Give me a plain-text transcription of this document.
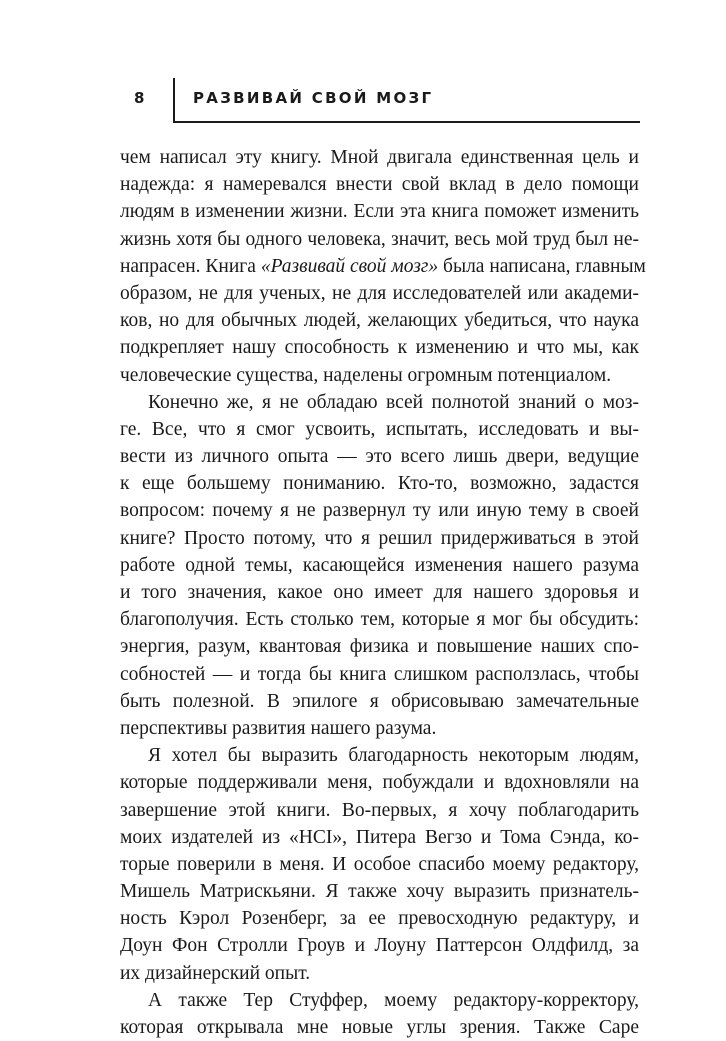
8	РАЗВИВАЙ СВОЙ МОЗГ
чем написал эту книгу. Мной двигала единственная цель и
надежда: я намеревался внести свой вклад в дело помощи
людям в изменении жизни. Если эта книга поможет изменить
жизнь хотя бы одного человека, значит, весь мой труд был не-
напрасен. Книга «Развивай свой мозг» была написана, главным
образом, не для ученых, не для исследователей или академи-
ков, но для обычных людей, желающих убедиться, что наука
подкрепляет нашу способность к изменению и что мы, как
человеческие существа, наделены огромным потенциалом.
Конечно же, я не обладаю всей полнотой знаний о моз-
ге. Все, что я смог усвоить, испытать, исследовать и вы-
вести из личного опыта — это всего лишь двери, ведущие
к еще большему пониманию. Кто-то, возможно, задастся
вопросом: почему я не развернул ту или иную тему в своей
книге? Просто потому, что я решил придерживаться в этой
работе одной темы, касающейся изменения нашего разума
и того значения, какое оно имеет для нашего здоровья и
благополучия. Есть столько тем, которые я мог бы обсудить:
энергия, разум, квантовая физика и повышение наших спо-
собностей — и тогда бы книга слишком расползлась, чтобы
быть полезной. В эпилоге я обрисовываю замечательные
перспективы развития нашего разума.
Я хотел бы выразить благодарность некоторым людям,
которые поддерживали меня, побуждали и вдохновляли на
завершение этой книги. Во-первых, я хочу поблагодарить
моих издателей из «HCI», Питера Вегзо и Тома Сэнда, ко-
торые поверили в меня. И особое спасибо моему редактору,
Мишель Матрискьяни. Я также хочу выразить признатель-
ность Кэрол Розенберг, за ее превосходную редактуру, и
Доун Фон Стролли Гроув и Лоуну Паттерсон Олдфилд, за
их дизайнерский опыт.
А также Тер Стуффер, моему редактору-корректору,
которая открывала мне новые углы зрения. Также Саре
